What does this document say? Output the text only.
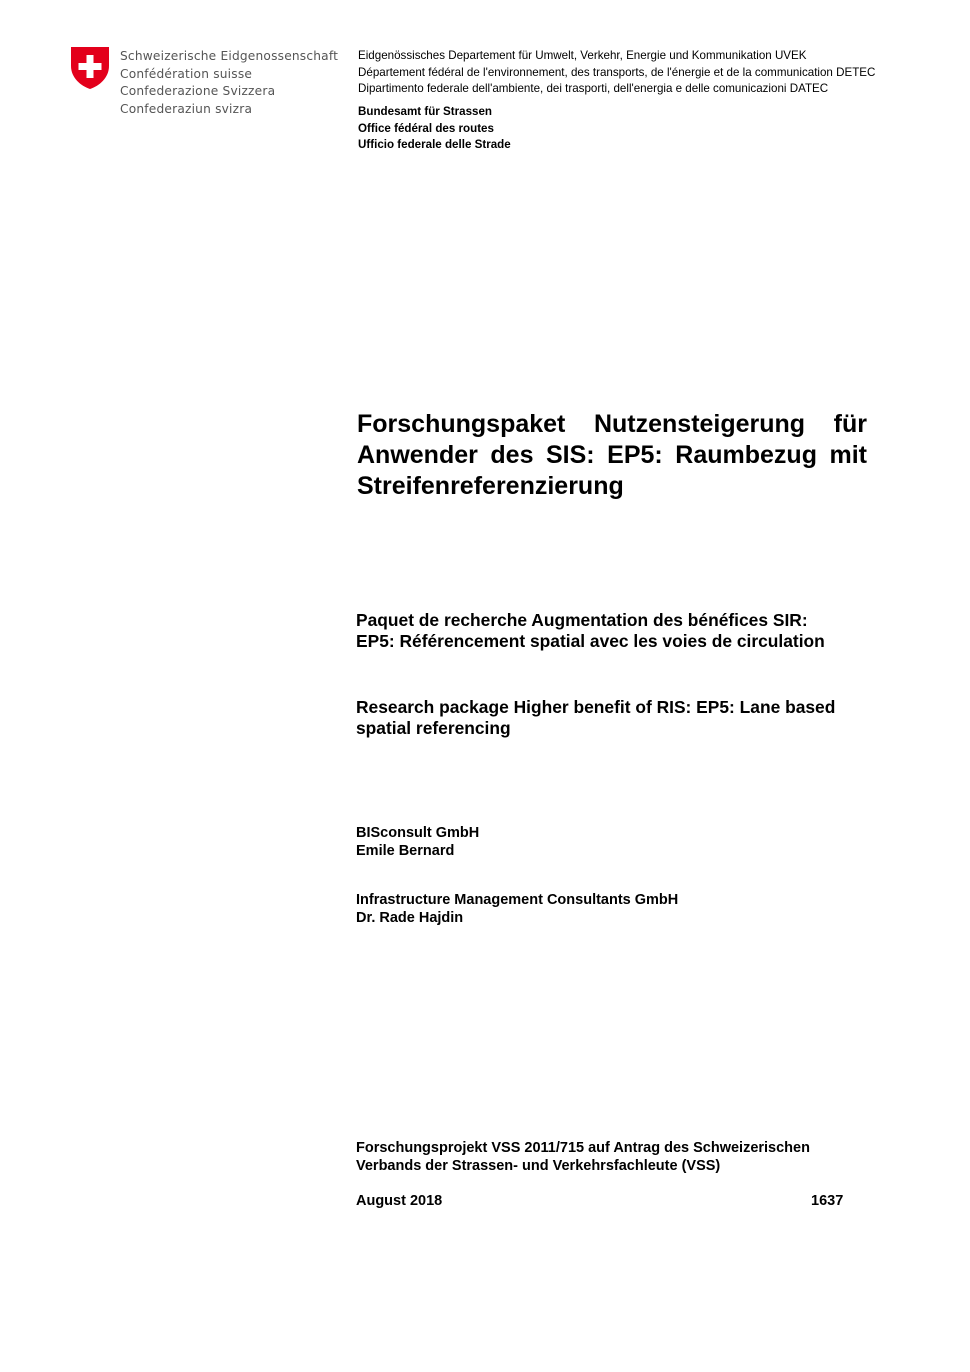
Schweizerische Eidgenossenschaft
Confédération suisse
Confederazione Svizzera
Confederaziun svizra
Eidgenössisches Departement für Umwelt, Verkehr, Energie und Kommunikation UVEK
Département fédéral de l'environnement, des transports, de l'énergie et de la communication DETEC
Dipartimento federale dell'ambiente, dei trasporti, dell'energia e delle comunicazioni DATEC
Bundesamt für Strassen
Office fédéral des routes
Ufficio federale delle Strade
Forschungspaket Nutzensteigerung für
Anwender des SIS: EP5: Raumbezug mit
Streifenreferenzierung
Paquet de recherche Augmentation des bénéfices SIR:
EP5: Référencement spatial avec les voies de circulation
Research package Higher benefit of RIS: EP5: Lane based
spatial referencing
BISconsult GmbH
Emile Bernard
Infrastructure Management Consultants GmbH
Dr. Rade Hajdin
Forschungsprojekt VSS 2011/715 auf Antrag des Schweizerischen
Verbands der Strassen- und Verkehrsfachleute (VSS)
August 2018	1637
